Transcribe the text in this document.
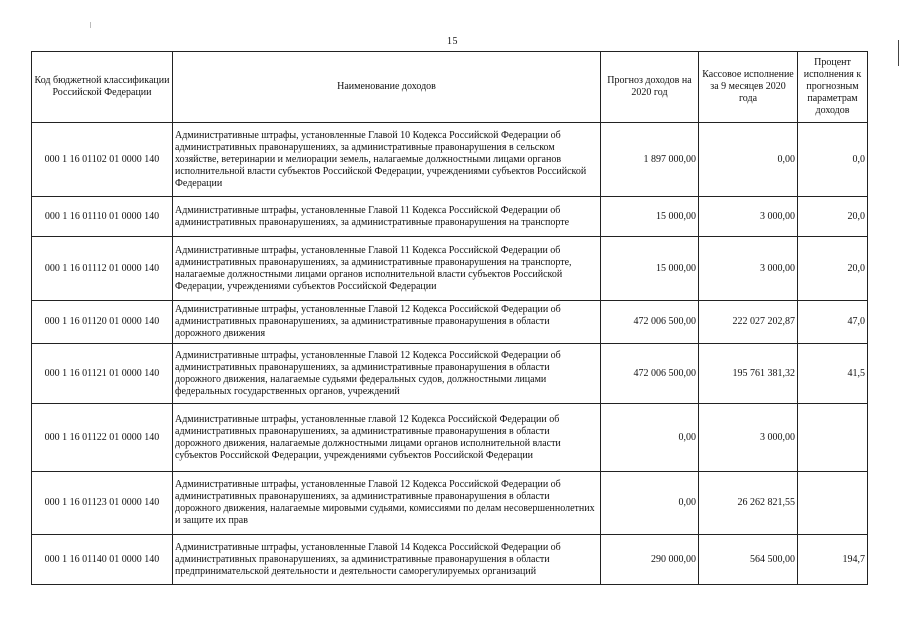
15
Код бюджетной классификации Российской Федерации	Наименование доходов	Прогноз доходов на 2020 год	Кассовое исполнение за 9 месяцев 2020 года	Процент исполнения к прогнозным параметрам доходов
000 1 16 01102 01 0000 140	Административные штрафы, установленные Главой 10 Кодекса Российской Федерации об административных правонарушениях, за административные правонарушения в сельском хозяйстве, ветеринарии и мелиорации земель, налагаемые должностными лицами органов исполнительной власти субъектов Российской Федерации, учреждениями субъектов Российской Федерации	1 897 000,00	0,00	0,0
000 1 16 01110 01 0000 140	Административные штрафы, установленные Главой 11 Кодекса Российской Федерации об административных правонарушениях, за административные правонарушения на транспорте	15 000,00	3 000,00	20,0
000 1 16 01112 01 0000 140	Административные штрафы, установленные Главой 11 Кодекса Российской Федерации об административных правонарушениях, за административные правонарушения на транспорте, налагаемые должностными лицами органов исполнительной власти субъектов Российской Федерации, учреждениями субъектов Российской Федерации	15 000,00	3 000,00	20,0
000 1 16 01120 01 0000 140	Административные штрафы, установленные Главой 12 Кодекса Российской Федерации об административных правонарушениях, за административные правонарушения в области дорожного движения	472 006 500,00	222 027 202,87	47,0
000 1 16 01121 01 0000 140	Административные штрафы, установленные Главой 12 Кодекса Российской Федерации об административных правонарушениях, за административные правонарушения в области дорожного движения, налагаемые судьями федеральных судов, должностными лицами федеральных государственных органов, учреждений	472 006 500,00	195 761 381,32	41,5
000 1 16 01122 01 0000 140	Административные штрафы, установленные главой 12 Кодекса Российской Федерации об административных правонарушениях, за административные правонарушения в области дорожного движения, налагаемые должностными лицами органов исполнительной власти субъектов Российской Федерации, учреждениями субъектов Российской Федерации	0,00	3 000,00	
000 1 16 01123 01 0000 140	Административные штрафы, установленные Главой 12 Кодекса Российской Федерации об административных правонарушениях, за административные правонарушения в области дорожного движения, налагаемые мировыми судьями, комиссиями по делам несовершеннолетних и защите их прав	0,00	26 262 821,55	
000 1 16 01140 01 0000 140	Административные штрафы, установленные Главой 14 Кодекса Российской Федерации об административных правонарушениях, за административные правонарушения в области предпринимательской деятельности и деятельности саморегулируемых организаций	290 000,00	564 500,00	194,7
